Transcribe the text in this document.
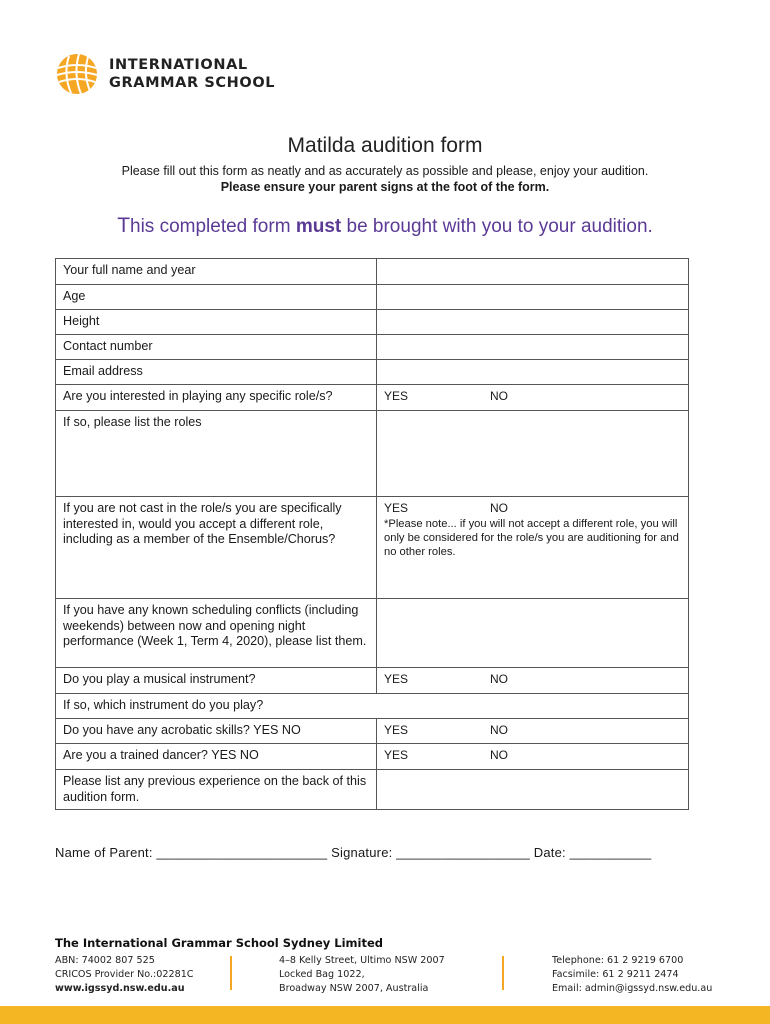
INTERNATIONAL
GRAMMAR SCHOOL
Matilda audition form
Please fill out this form as neatly and as accurately as possible and please, enjoy your audition.
Please ensure your parent signs at the foot of the form.
This completed form must be brought with you to your audition.
Your full name and year	
Age	
Height	
Contact number	
Email address	
Are you interested in playing any specific role/s?	YES NO
If so, please list the roles	
If you are not cast in the role/s you are specifically interested in, would you accept a different role, including as a member of the Ensemble/Chorus?	YES NO
*Please note... if you will not accept a different role, you will only be considered for the role/s you are auditioning for and no other roles.

If you have any known scheduling conflicts (including weekends) between now and opening night performance (Week 1, Term 4, 2020), please list them.	
Do you play a musical instrument?	YES NO
If so, which instrument do you play?	
Do you have any acrobatic skills? YES NO	YES NO
Are you a trained dancer? YES NO	YES NO
Please list any previous experience on the back of this audition form.	
Name of Parent: _______________________ Signature: __________________ Date: ___________
The International Grammar School Sydney Limited
ABN: 74002 807 525
CRICOS Provider No.:02281C
www.igssyd.nsw.edu.au
4–8 Kelly Street, Ultimo NSW 2007
Locked Bag 1022,
Broadway NSW 2007, Australia
Telephone: 61 2 9219 6700
Facsimile: 61 2 9211 2474
Email: admin@igssyd.nsw.edu.au
